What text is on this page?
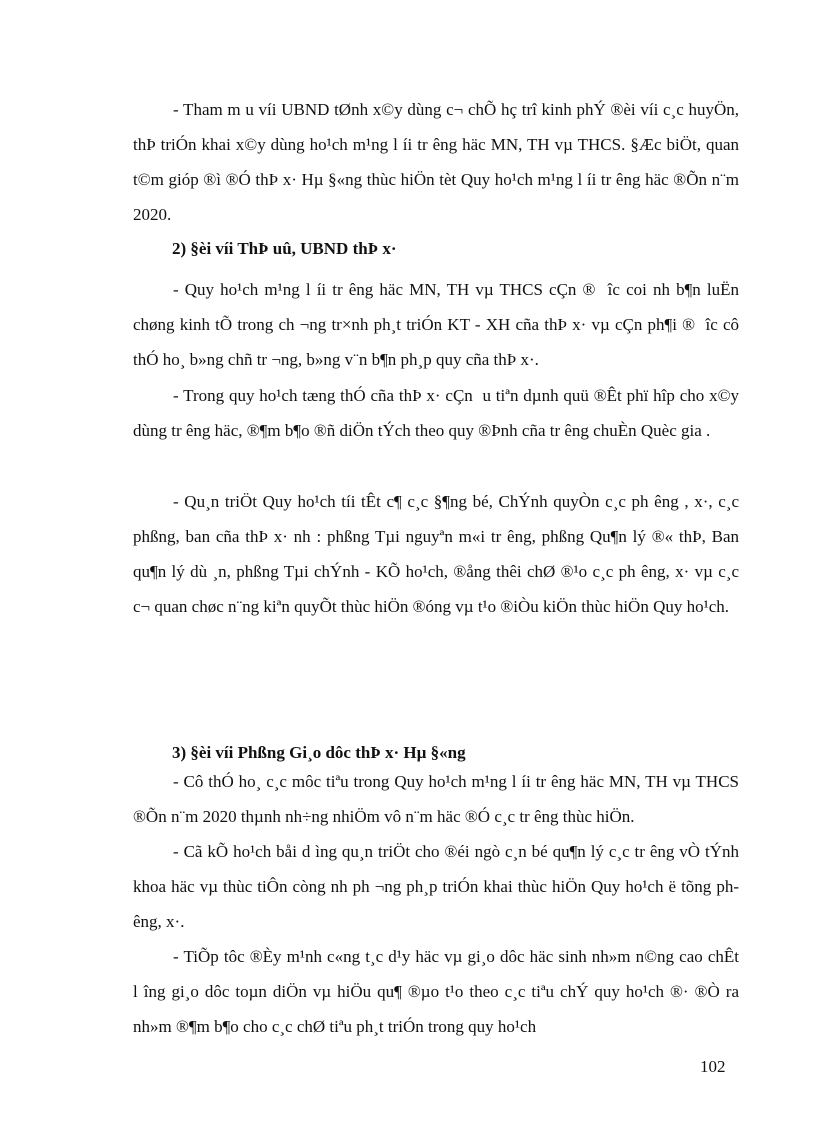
- Tham m u víi UBND tØnh x©y dùng c¬ chÕ hç trî kinh phÝ ®èi víi c¸c huyÖn, thÞ triÓn khai x©y dùng ho¹ch m¹ng l íi tr êng häc MN, TH vµ THCS. §Æc biÖt, quan t©m gióp ®ì ®Ó thÞ x· Hµ §«ng thùc hiÖn tèt Quy ho¹ch m¹ng l íi tr êng häc ®Õn n¨m 2020.

2) §èi víi ThÞ uû, UBND thÞ x·

- Quy ho¹ch m¹ng l íi tr êng häc MN, TH vµ THCS cÇn ® îc coi nh b¶n luËn chøng kinh tÕ trong ch ¬ng tr×nh ph¸t triÓn KT - XH cña thÞ x· vµ cÇn ph¶i ® îc cô thÓ ho¸ b»ng chñ tr ¬ng, b»ng v¨n b¶n ph¸p quy cña thÞ x·.

- Trong quy ho¹ch tæng thÓ cña thÞ x· cÇn u tiªn dµnh quü ®Êt phï hîp cho x©y dùng tr êng häc, ®¶m b¶o ®ñ diÖn tÝch theo quy ®Þnh cña tr êng chuÈn Quèc gia .

- Qu¸n triÖt Quy ho¹ch tíi tÊt c¶ c¸c §¶ng bé, ChÝnh quyÒn c¸c ph êng , x·, c¸c phßng, ban cña thÞ x· nh : phßng Tµi nguyªn m«i tr êng, phßng Qu¶n lý ®« thÞ, Ban qu¶n lý dù ¸n, phßng Tµi chÝnh - KÕ ho¹ch, ®ång thêi chØ ®¹o c¸c ph êng, x· vµ c¸c c¬ quan chøc n¨ng kiªn quyÕt thùc hiÖn ®óng vµ t¹o ®iÒu kiÖn thùc hiÖn Quy ho¹ch.

3) §èi víi Phßng Gi¸o dôc thÞ x· Hµ §«ng

- Cô thÓ ho¸ c¸c môc tiªu trong Quy ho¹ch m¹ng l íi tr êng häc MN, TH vµ THCS ®Õn n¨m 2020 thµnh nh÷ng nhiÖm vô n¨m häc ®Ó c¸c tr êng thùc hiÖn.

- Cã kÕ ho¹ch båi d ìng qu¸n triÖt cho ®éi ngò c¸n bé qu¶n lý c¸c tr êng vÒ tÝnh khoa häc vµ thùc tiÔn còng nh ph ¬ng ph¸p triÓn khai thùc hiÖn Quy ho¹ch ë tõng ph êng, x·.

- TiÕp tôc ®Èy m¹nh c«ng t¸c d¹y häc vµ gi¸o dôc häc sinh nh»m n©ng cao chÊt l îng gi¸o dôc toµn diÖn vµ hiÖu qu¶ ®µo t¹o theo c¸c tiªu chÝ quy ho¹ch ®· ®Ò ra nh»m ®¶m b¶o cho c¸c chØ tiªu ph¸t triÓn trong quy ho¹ch

102
